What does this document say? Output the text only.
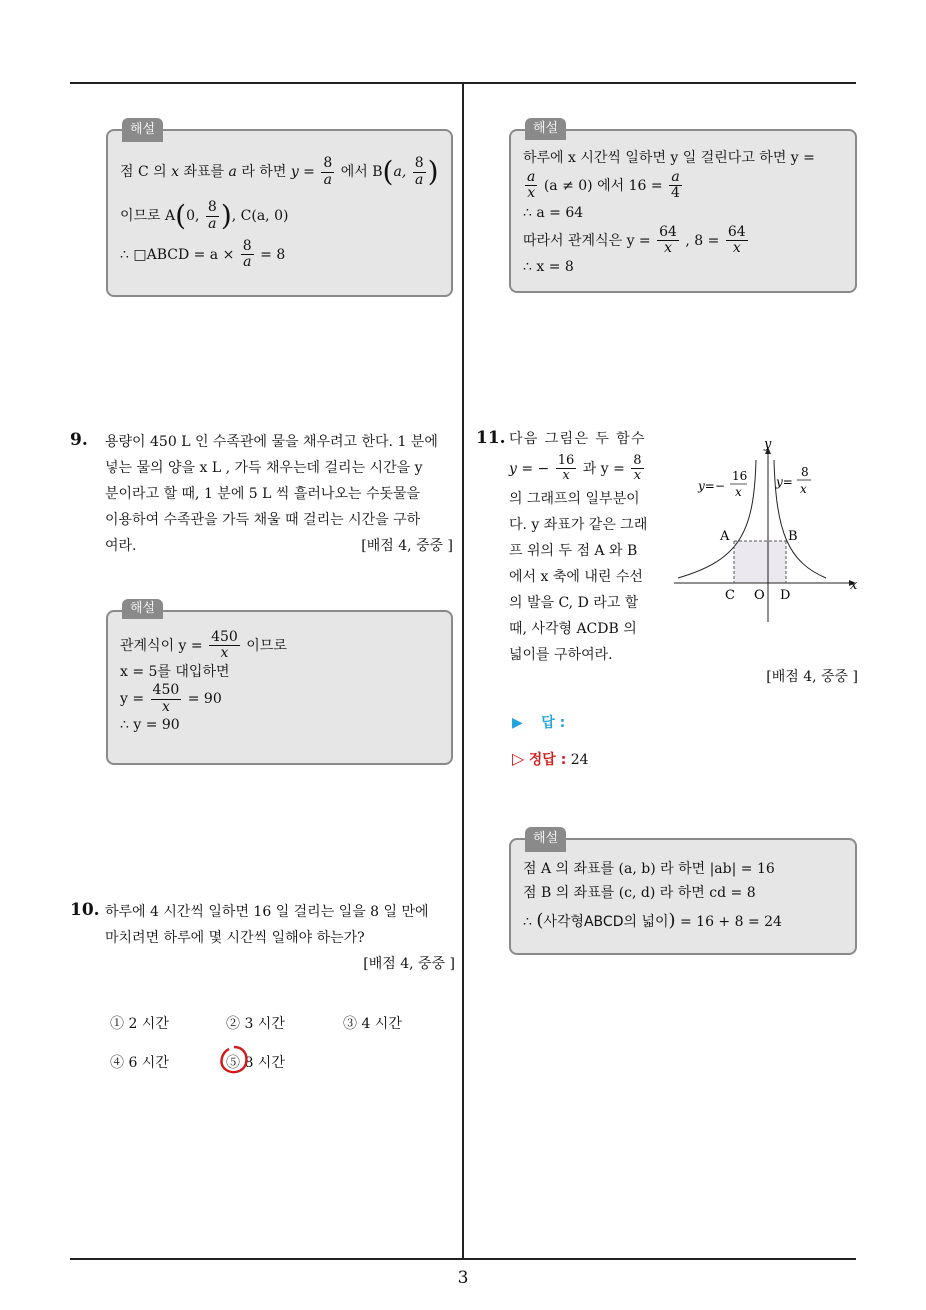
해설
점 C 의 x 좌표를 a 라 하면 $y = \frac{8}{a}$ 에서 B(a, $\frac{8}{a}$ )
이므로 A(0, $\frac{8}{a}$ ), C(a, 0)
∴ □ABCD = $a \times \frac{8}{a} = 8$
해설
하루에 x 시간씩 일하면 y 일 걸린다고 하면 y =
$\frac{a}{x} (a \ne 0)$ 에서 $16 = \frac{a}{4}$
∴ a = 64
따라서 관계식은 $y = \frac{64}{x}$ , $8 = \frac{64}{x}$
∴ x = 8
9. 용량이 450 L 인 수족관에 물을 채우려고 한다. 1 분에
넣는 물의 양을 x L , 가득 채우는데 걸리는 시간을 y
분이라고 할 때, 1 분에 5 L 씩 흘러나오는 수돗물을
이용하여 수족관을 가득 채울 때 걸리는 시간을 구하
여라.	[배점 4, 중중 ]
해설
관계식이 $y = \frac{450}{x}$ 이므로
x = 5를 대입하면
$y = \frac{450}{x} = 90$
∴ y = 90
10. 하루에 4 시간씩 일하면 16 일 걸리는 일을 8 일 만에
마치려면 하루에 몇 시간씩 일해야 하는가?
[배점 4, 중중 ]
① 2 시간	② 3 시간	③ 4 시간
④ 6 시간	⑤ 8 시간
11. 다음 그림은 두 함수
y = − $\frac{16}{x}$ 과 $y = \frac{8}{x}$
의 그래프의 일부분이
다. y 좌표가 같은 그래
프 위의 두 점 A 와 B
에서 x 축에 내린 수선
의 발을 C, D 라고 할
때, 사각형 ACDB 의
넓이를 구하여라.
y
x
A	B
C O D
y=−
16
x
y=
8
x
[배점 4, 중중 ]
▶ 답 :
▷ 정답 : 24
해설
점 A 의 좌표를 (a, b) 라 하면 |ab| = 16
점 B 의 좌표를 (c, d) 라 하면 cd = 8
∴ (사각형ABCD의 넓이) = 16 + 8 = 24
3
